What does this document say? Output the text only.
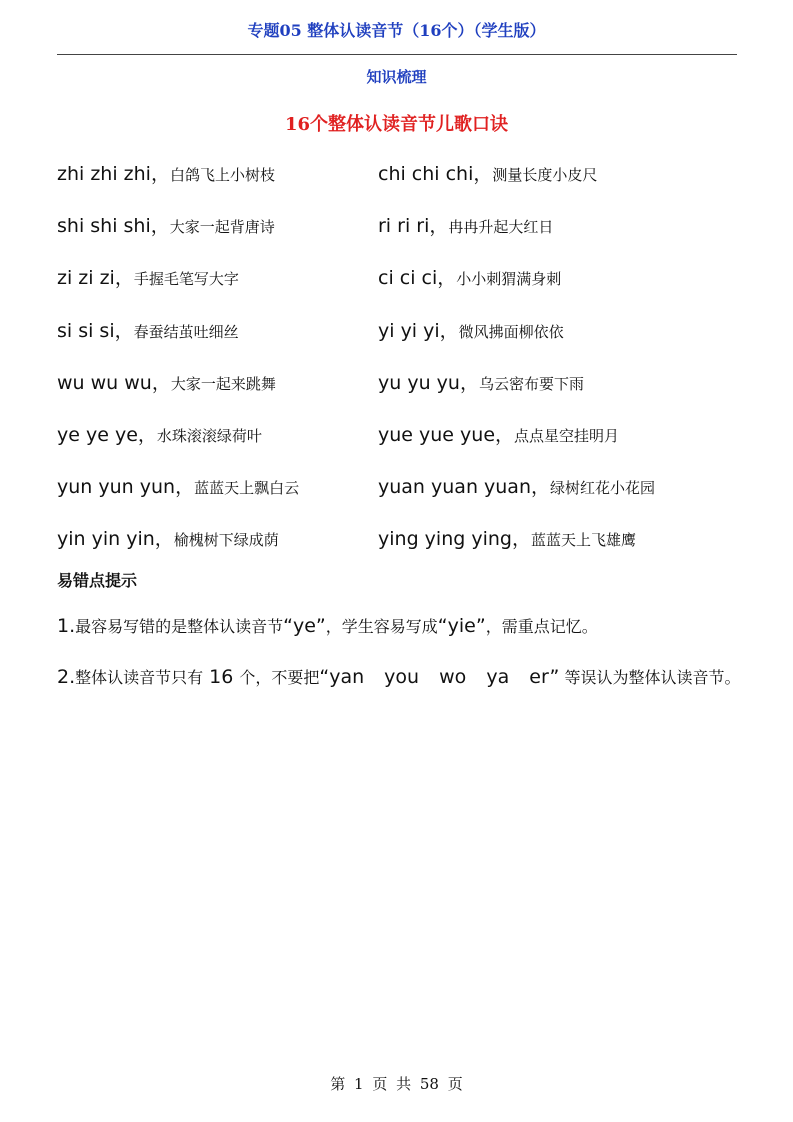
专题05 整体认读音节（16个）（学生版）
知识梳理
16个整体认读音节儿歌口诀
zhi zhi zhi，白鸽飞上小树枝	chi chi chi，测量长度小皮尺
shi shi shi，大家一起背唐诗	ri ri ri，冉冉升起大红日
zi zi zi，手握毛笔写大字	ci ci ci，小小刺猬满身刺
si si si，春蚕结茧吐细丝	yi yi yi，微风拂面柳依依
wu wu wu，大家一起来跳舞	yu yu yu，乌云密布要下雨
ye ye ye，水珠滚滚绿荷叶	yue yue yue，点点星空挂明月
yun yun yun，蓝蓝天上飘白云	yuan yuan yuan，绿树红花小花园
yin yin yin，榆槐树下绿成荫	ying ying ying，蓝蓝天上飞雄鹰
易错点提示
1.最容易写错的是整体认读音节“ye”，学生容易写成“yie”，需重点记忆。
2.整体认读音节只有 16 个，不要把“yan you wo ya er” 等误认为整体认读音节。
第 1 页 共 58 页
